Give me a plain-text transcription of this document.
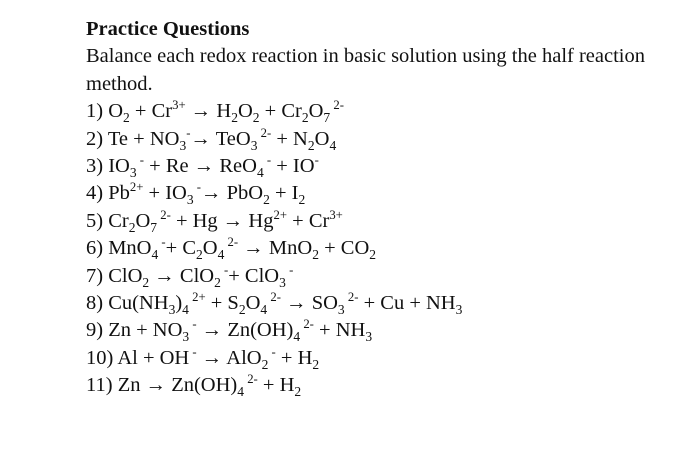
Practice Questions

Balance each redox reaction in basic solution using the half reaction method.

1) $O_2 + Cr^{3+} \to H_2O_2 + Cr_2O_7$ $^{2-}$
2) $Te + NO_3^-\to TeO_3$ $^{2-} + N_2O_4$
3) $IO_3$ - + Re → ReO$_4$ - + IO-
4) $Pb^{2+} + IO_3$ $^-\to PbO_2 + I_2$
5) $Cr_2O_7$ $^{2-} + Hg \to Hg^{2+} + Cr^{3+}$
6) MnO$_4$ $^-+ C_2O_4$ $^{2-} \to MnO_2 + CO_2$
7) ClO$_2$ → ClO$_2$ -+ ClO$_3$ -
8) $Cu(NH_3)_4$ $^{2+} + S_2O_4$ $^{2-} \to SO_3$ $^{2-} + Cu + NH_3$
9) $Zn + NO_3$ $^- \to Zn(OH)_4$ $^{2-} + NH_3$
10) Al + OH - → AlO$_2$ $^- + H_2$
11) $Zn \to Zn(OH)_4$ $^{2-} + H_2$
